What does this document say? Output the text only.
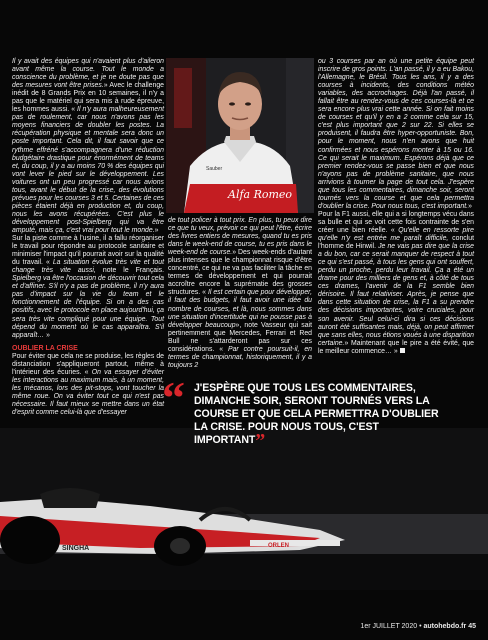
Il y avait des équipes qui n'avaient plus d'aileron avant même la course. Tout le monde a conscience du problème, et je ne doute pas que des mesures vont être prises.» Avec le challenge inédit de 8 Grands Prix en 10 semaines, il n'y a pas que le matériel qui sera mis à rude épreuve, les hommes aussi. « Il n'y aura malheureusement pas de roulement, car nous n'avons pas les moyens financiers de doubler les postes. La récupération physique et mentale sera donc un poste important. Cela dit, il faut savoir que ce rythme effréné s'accompagnera d'une réduction budgétaire drastique pour énormément de teams et, du coup, il y a au moins 70 % des équipes qui vont lever le pied sur le développement. Les voitures ont un peu progressé car nous avions tous, avant le début de la crise, des évolutions prévues pour les courses 3 et 5. Certaines de ces pièces étaient déjà en production et, du coup, nous les avons récupérées. C'est plus le développement post-Spielberg qui va être amputé, mais ça, c'est vrai pour tout le monde.»

Sur la piste comme à l'usine, il a fallu réorganiser le travail pour répondre au protocole sanitaire et minimiser l'impact qu'il pourrait avoir sur la qualité du travail. « La situation évolue très vite et tout change très vite aussi, note le Français. Spielberg va être l'occasion de découvrir tout cela et d'affiner. S'il n'y a pas de problème, il n'y aura pas d'impact sur la vie du team et le fonctionnement de l'équipe. Si on a des cas positifs, avec le protocole en place aujourd'hui, ça sera très vite compliqué pour une équipe. Tout dépend du moment où le cas apparaîtra. S'il apparaît… »

OUBLIER LA CRISE

Pour éviter que cela ne se produise, les règles de distanciation s'appliqueront partout, même à l'intérieur des écuries. « On va essayer d'éviter les interactions au maximum mais, à un moment, les mécanos, lors des pit-stops, vont toucher la même roue. On va éviter tout ce qui n'est pas nécessaire. Il faut mieux se mettre dans un état d'esprit comme celui-là que d'essayer

Alfa Romeo
Sauber

de tout policer à tout prix. En plus, tu peux dire ce que tu veux, prévoir ce qui peut l'être, écrire des livres entiers de mesures, quand tu es pris dans le week-end de course, tu es pris dans le week-end de course.» Des week-ends d'autant plus intenses que le championnat risque d'être concentré, ce qui ne va pas faciliter la tâche en termes de développement et qui pourrait accroître encore la suprématie des grosses structures. « Il est certain que pour développer, il faut des budgets, il faut avoir une idée du nombre de courses, et là, nous sommes dans une situation d'incertitude qui ne pousse pas à développer beaucoup», note Vasseur qui sait pertinemment que Mercedes, Ferrari et Red Bull ne s'attarderont pas sur ces considérations. « Par contre poursuit-il, en termes de championnat, historiquement, il y a toujours 2

ou 3 courses par an où une petite équipe peut inscrire de gros points. L'an passé, il y a eu Bakou, l'Allemagne, le Brésil. Tous les ans, il y a des courses à incidents, des conditions météo variables, des accrochages. Déjà l'an passé, il fallait être au rendez-vous de ces courses-là et ce sera encore plus vrai cette année. Si on fait moins de courses et qu'il y en a 2 comme cela sur 15, c'est plus important que 2 sur 22. Si elles se produisent, il faudra être hyper-opportuniste. Bon, pour le moment, nous n'en avons que huit confirmées et nous espérons monter à 15 ou 16. Ce qui serait le maximum. Espérons déjà que ce premier rendez-vous se passe bien et que nous n'ayons pas de problème sanitaire, que nous arrivions à tourner la page de tout cela. J'espère que tous les commentaires, dimanche soir, seront tournés vers la course et que cela permettra d'oublier la crise. Pour nous tous, c'est important.»

Pour la F1 aussi, elle qui a si longtemps vécu dans sa bulle et qui se voit cette fois contrainte de s'en créer une bien réelle. « Qu'elle en ressorte pire qu'elle n'y est entrée me paraît difficile, conclut l'homme de Hinwil. Je ne vais pas dire que la crise a du bon, car ce serait manquer de respect à tout ce qui s'est passé, à tous les gens qui ont souffert, perdu un proche, perdu leur travail. Ça a été un drame pour des milliers de gens et, à côté de tous ces drames, l'avenir de la F1 semble bien dérisoire. Il faut relativiser. Après, je pense que dans cette situation de crise, la F1 a su prendre des décisions importantes, voire cruciales, pour son avenir. Seul celui-ci dira si ces décisions auront été suffisantes mais, déjà, on peut affirmer que sans elles, nous étions voués à une disparition certaine.» Maintenant que le pire a été évité, que le meilleur commence… »

SINGHA	ORLEN
“ J'ESPÈRE QUE TOUS LES COMMENTAIRES, DIMANCHE SOIR, SERONT TOURNÉS VERS LA COURSE ET QUE CELA PERMETTRA D'OUBLIER LA CRISE. POUR NOUS TOUS, C'EST IMPORTANT”
1er JUILLET 2020 • autohebdo.fr 45
